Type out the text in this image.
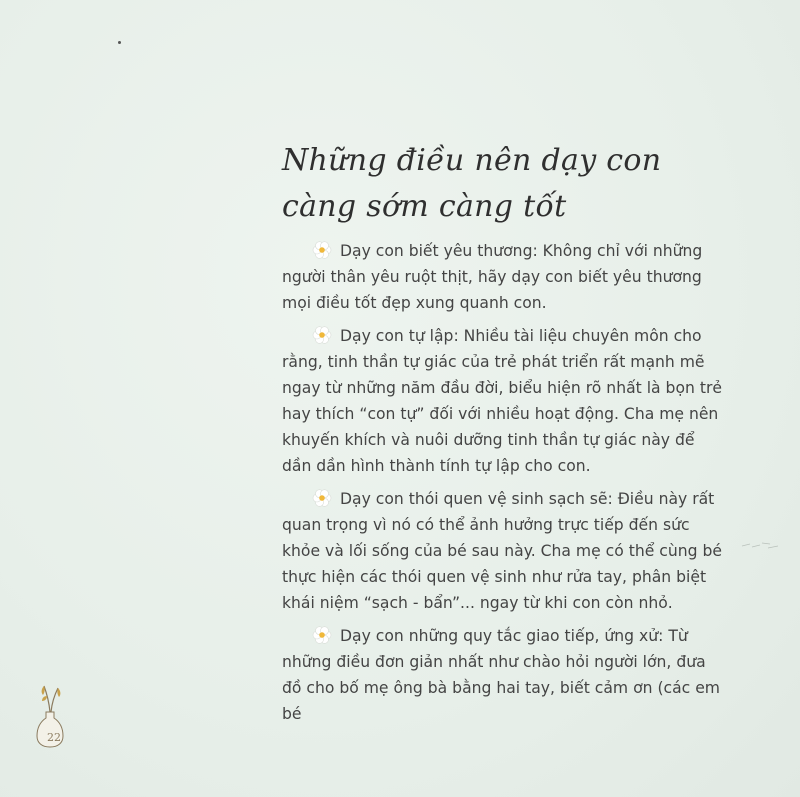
Những điều nên dạy con càng sớm càng tốt

Dạy con biết yêu thương: Không chỉ với những người thân yêu ruột thịt, hãy dạy con biết yêu thương mọi điều tốt đẹp xung quanh con.

Dạy con tự lập: Nhiều tài liệu chuyên môn cho rằng, tinh thần tự giác của trẻ phát triển rất mạnh mẽ ngay từ những năm đầu đời, biểu hiện rõ nhất là bọn trẻ hay thích “con tự” đối với nhiều hoạt động. Cha mẹ nên khuyến khích và nuôi dưỡng tinh thần tự giác này để dần dần hình thành tính tự lập cho con.

Dạy con thói quen vệ sinh sạch sẽ: Điều này rất quan trọng vì nó có thể ảnh hưởng trực tiếp đến sức khỏe và lối sống của bé sau này. Cha mẹ có thể cùng bé thực hiện các thói quen vệ sinh như rửa tay, phân biệt khái niệm “sạch - bẩn”... ngay từ khi con còn nhỏ.

Dạy con những quy tắc giao tiếp, ứng xử: Từ những điều đơn giản nhất như chào hỏi người lớn, đưa đồ cho bố mẹ ông bà bằng hai tay, biết cảm ơn (các em bé

22
